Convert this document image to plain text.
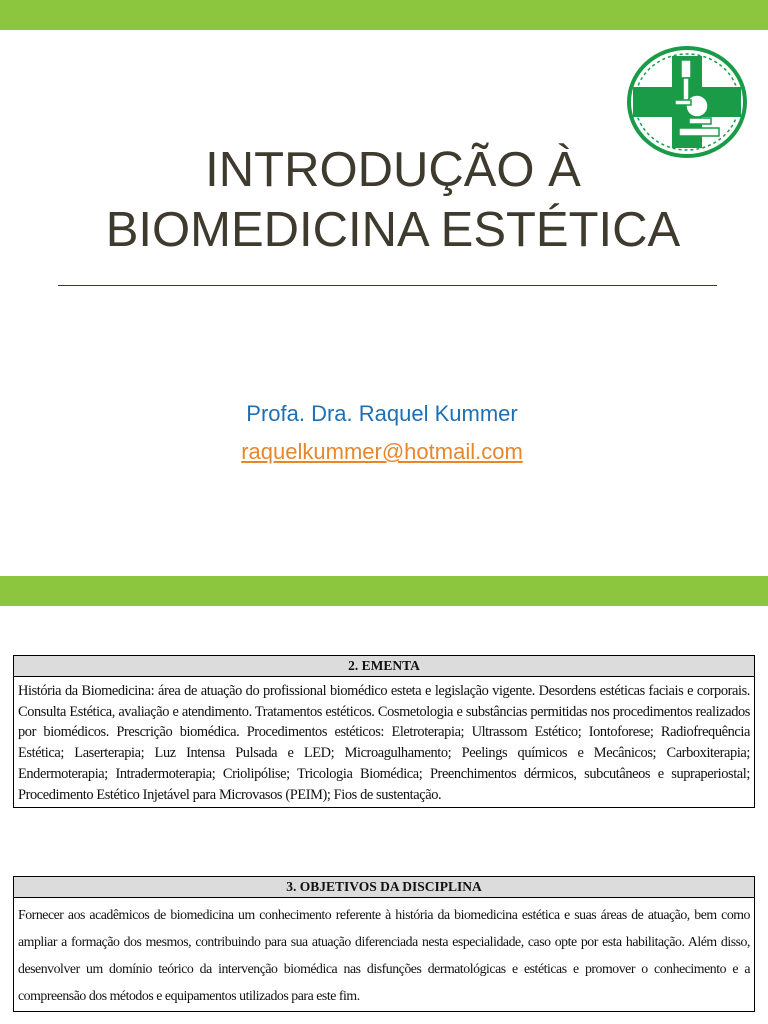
INTRODUÇÃO À
BIOMEDICINA ESTÉTICA
Profa. Dra. Raquel Kummer
raquelkummer@hotmail.com
2. EMENTA
História da Biomedicina: área de atuação do profissional biomédico esteta e legislação vigente. Desordens estéticas faciais e corporais. Consulta Estética, avaliação e atendimento. Tratamentos estéticos. Cosmetologia e substâncias permitidas nos procedimentos realizados por biomédicos. Prescrição biomédica. Procedimentos estéticos: Eletroterapia; Ultrassom Estético; Iontoforese; Radiofrequência Estética; Laserterapia; Luz Intensa Pulsada e LED; Microagulhamento; Peelings químicos e Mecânicos; Carboxiterapia; Endermoterapia; Intradermoterapia; Criolipólise; Tricologia Biomédica; Preenchimentos dérmicos, subcutâneos e supraperiostal; Procedimento Estético Injetável para Microvasos (PEIM); Fios de sustentação.
3. OBJETIVOS DA DISCIPLINA
Fornecer aos acadêmicos de biomedicina um conhecimento referente à história da biomedicina estética e suas áreas de atuação, bem como ampliar a formação dos mesmos, contribuindo para sua atuação diferenciada nesta especialidade, caso opte por esta habilitação. Além disso, desenvolver um domínio teórico da intervenção biomédica nas disfunções dermatológicas e estéticas e promover o conhecimento e a compreensão dos métodos e equipamentos utilizados para este fim.
